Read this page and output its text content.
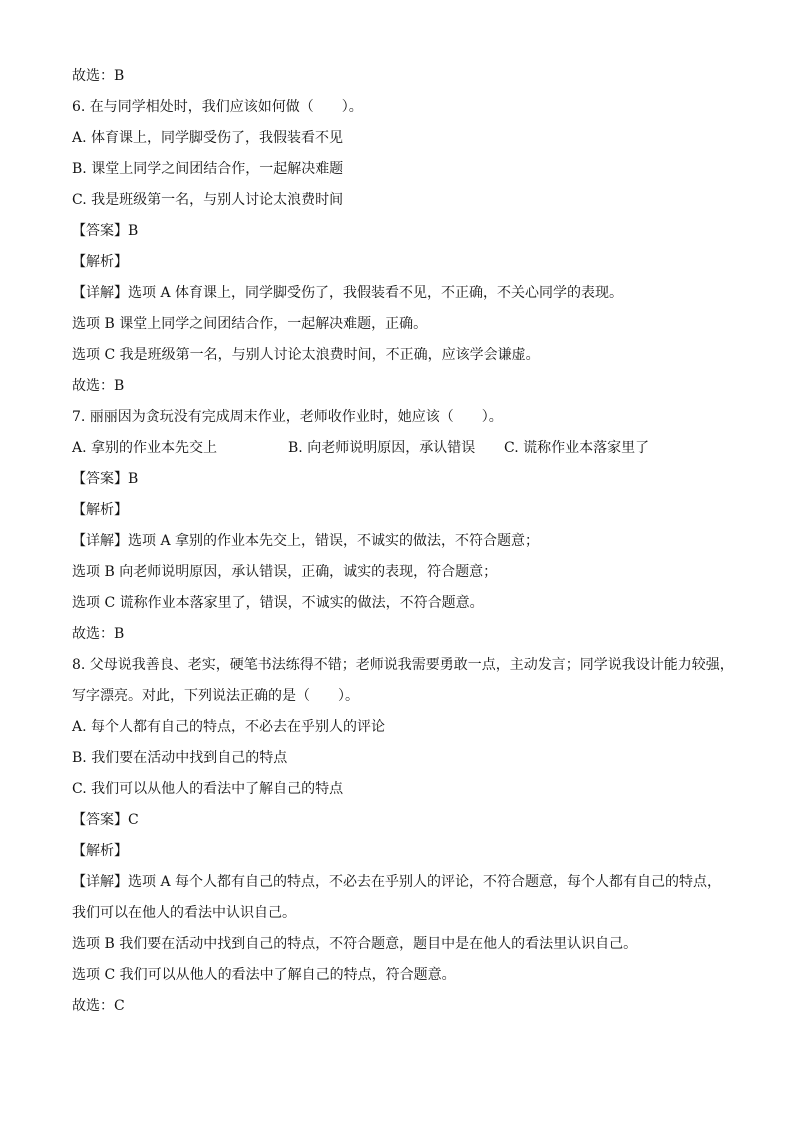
故选：B
6. 在与同学相处时，我们应该如何做（　　）。
A. 体育课上，同学脚受伤了，我假装看不见
B. 课堂上同学之间团结合作，一起解决难题
C. 我是班级第一名，与别人讨论太浪费时间
【答案】B
【解析】
【详解】选项 A 体育课上，同学脚受伤了，我假装看不见，不正确，不关心同学的表现。
选项 B 课堂上同学之间团结合作，一起解决难题，正确。
选项 C 我是班级第一名，与别人讨论太浪费时间，不正确，应该学会谦虚。
故选：B
7. 丽丽因为贪玩没有完成周末作业，老师收作业时，她应该（　　）。
A. 拿别的作业本先交上	B. 向老师说明原因，承认错误 C. 谎称作业本落家里了
【答案】B
【解析】
【详解】选项 A 拿别的作业本先交上，错误，不诚实的做法，不符合题意；
选项 B 向老师说明原因，承认错误，正确，诚实的表现，符合题意；
选项 C 谎称作业本落家里了，错误，不诚实的做法，不符合题意。
故选：B
8. 父母说我善良、老实，硬笔书法练得不错；老师说我需要勇敢一点，主动发言；同学说我设计能力较强，
写字漂亮。对此，下列说法正确的是（　　）。
A. 每个人都有自己的特点，不必去在乎别人的评论
B. 我们要在活动中找到自己的特点
C. 我们可以从他人的看法中了解自己的特点
【答案】C
【解析】
【详解】选项 A 每个人都有自己的特点，不必去在乎别人的评论，不符合题意，每个人都有自己的特点，
我们可以在他人的看法中认识自己。
选项 B 我们要在活动中找到自己的特点，不符合题意，题目中是在他人的看法里认识自己。
选项 C 我们可以从他人的看法中了解自己的特点，符合题意。
故选：C
